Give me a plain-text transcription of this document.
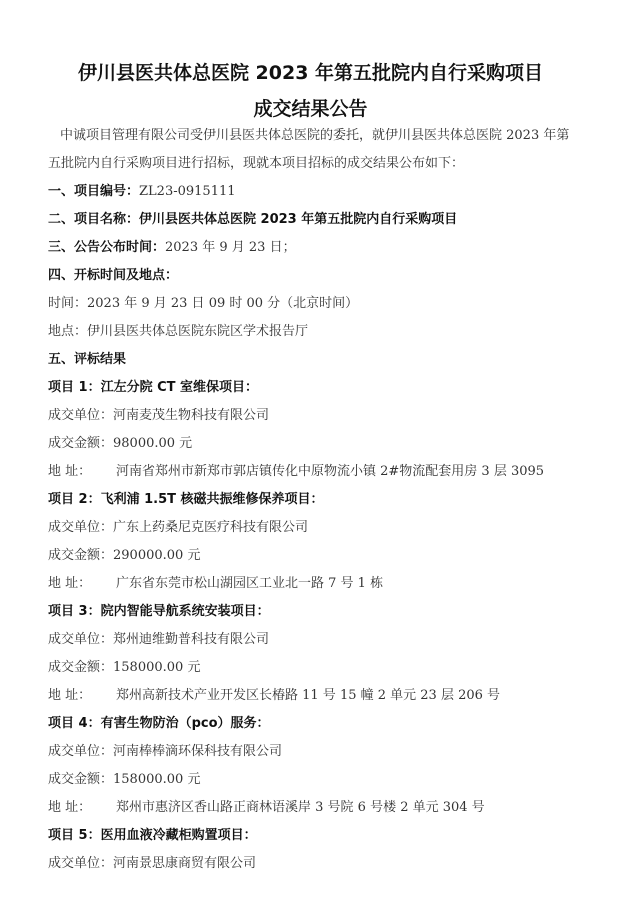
伊川县医共体总医院 2023 年第五批院内自行采购项目
成交结果公告
中诚项目管理有限公司受伊川县医共体总医院的委托，就伊川县医共体总医院 2023 年第
五批院内自行采购项目进行招标，现就本项目招标的成交结果公布如下：
一、项目编号：ZL23-0915111
二、项目名称：伊川县医共体总医院 2023 年第五批院内自行采购项目
三、公告公布时间：2023 年 9 月 23 日；
四、开标时间及地点：
时间：2023 年 9 月 23 日 09 时 00 分（北京时间）
地点：伊川县医共体总医院东院区学术报告厅
五、评标结果
项目 1：江左分院 CT 室维保项目：
成交单位：河南麦茂生物科技有限公司
成交金额：98000.00 元
地 址： 河南省郑州市新郑市郭店镇传化中原物流小镇 2#物流配套用房 3 层 3095
项目 2：飞利浦 1.5T 核磁共振维修保养项目：
成交单位：广东上药桑尼克医疗科技有限公司
成交金额：290000.00 元
地 址： 广东省东莞市松山湖园区工业北一路 7 号 1 栋
项目 3：院内智能导航系统安装项目：
成交单位：郑州迪维勤普科技有限公司
成交金额：158000.00 元
地 址： 郑州高新技术产业开发区长椿路 11 号 15 幢 2 单元 23 层 206 号
项目 4：有害生物防治（pco）服务：
成交单位：河南棒棒滴环保科技有限公司
成交金额：158000.00 元
地 址： 郑州市惠济区香山路正商林语溪岸 3 号院 6 号楼 2 单元 304 号
项目 5：医用血液冷藏柜购置项目：
成交单位：河南景思康商贸有限公司
